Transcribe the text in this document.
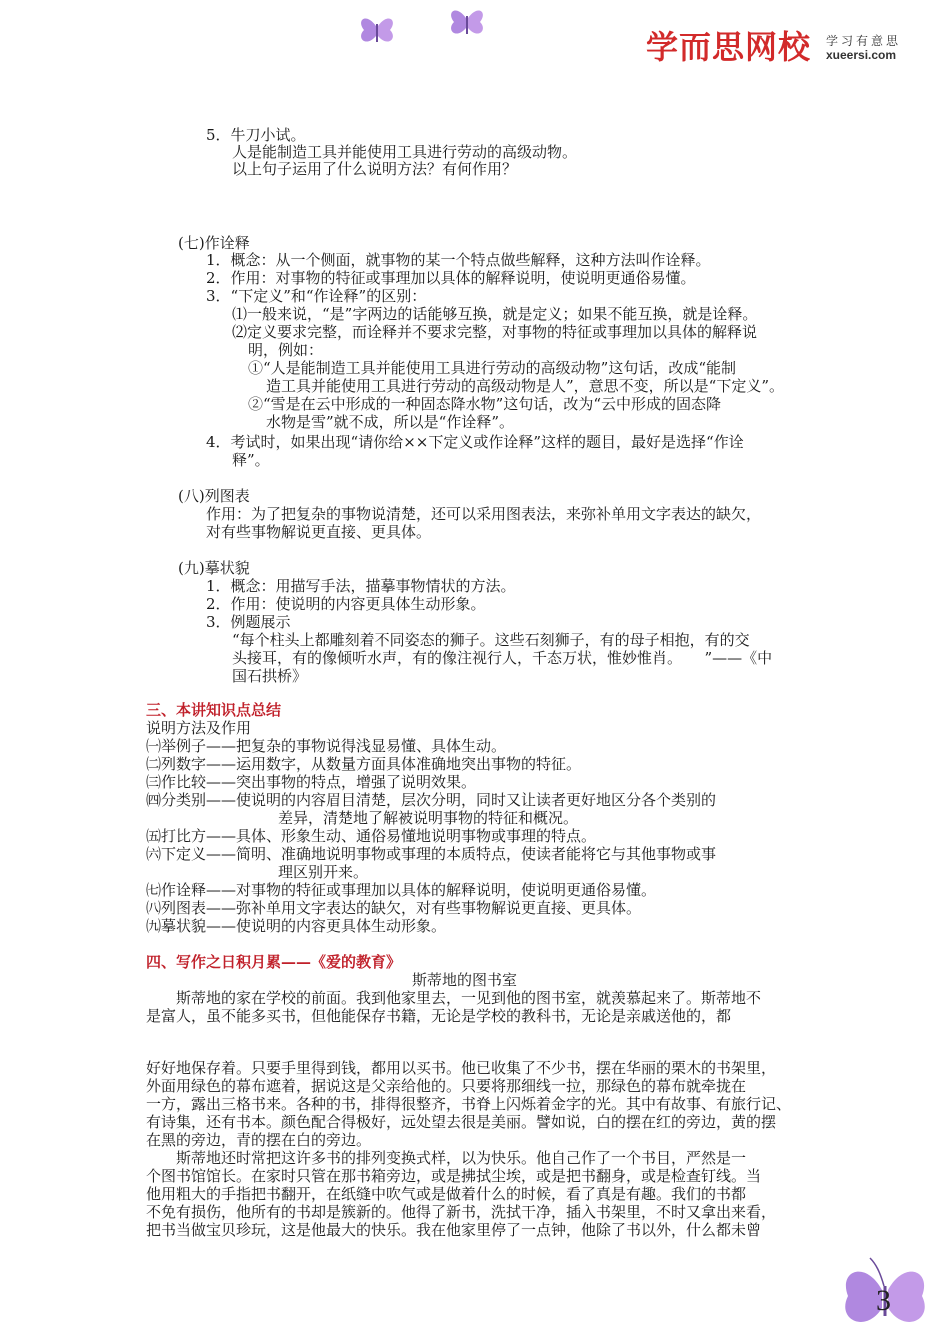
学而思网校 学习有意思
xueersi.com
5．牛刀小试。
人是能制造工具并能使用工具进行劳动的高级动物。
以上句子运用了什么说明方法？有何作用？
(七)作诠释
1．概念：从一个侧面，就事物的某一个特点做些解释，这种方法叫作诠释。
2．作用：对事物的特征或事理加以具体的解释说明，使说明更通俗易懂。
3．“下定义”和“作诠释”的区别：
⑴一般来说，“是”字两边的话能够互换，就是定义；如果不能互换，就是诠释。
⑵定义要求完整，而诠释并不要求完整，对事物的特征或事理加以具体的解释说
明，例如：
①“人是能制造工具并能使用工具进行劳动的高级动物”这句话，改成“能制
造工具并能使用工具进行劳动的高级动物是人”，意思不变，所以是“下定义”。
②“雪是在云中形成的一种固态降水物”这句话，改为“云中形成的固态降
水物是雪”就不成，所以是“作诠释”。
4．考试时，如果出现“请你给××下定义或作诠释”这样的题目，最好是选择“作诠
释”。
(八)列图表
作用：为了把复杂的事物说清楚，还可以采用图表法，来弥补单用文字表达的缺欠，
对有些事物解说更直接、更具体。
(九)摹状貌
1．概念：用描写手法，描摹事物情状的方法。
2．作用：使说明的内容更具体生动形象。
3．例题展示
“每个柱头上都雕刻着不同姿态的狮子。这些石刻狮子，有的母子相抱，有的交
头接耳，有的像倾听水声，有的像注视行人，千态万状，惟妙惟肖。　　”——《中
国石拱桥》
三、本讲知识点总结
说明方法及作用
㈠举例子——把复杂的事物说得浅显易懂、具体生动。
㈡列数字——运用数字，从数量方面具体准确地突出事物的特征。
㈢作比较——突出事物的特点，增强了说明效果。
㈣分类别——使说明的内容眉目清楚，层次分明，同时又让读者更好地区分各个类别的
差异，清楚地了解被说明事物的特征和概况。
㈤打比方——具体、形象生动、通俗易懂地说明事物或事理的特点。
㈥下定义——简明、准确地说明事物或事理的本质特点，使读者能将它与其他事物或事
理区别开来。
㈦作诠释——对事物的特征或事理加以具体的解释说明，使说明更通俗易懂。
㈧列图表——弥补单用文字表达的缺欠，对有些事物解说更直接、更具体。
㈨摹状貌——使说明的内容更具体生动形象。
四、写作之日积月累——《爱的教育》
斯蒂地的图书室
斯蒂地的家在学校的前面。我到他家里去，一见到他的图书室，就羡慕起来了。斯蒂地不
是富人，虽不能多买书，但他能保存书籍，无论是学校的教科书，无论是亲戚送他的，都
好好地保存着。只要手里得到钱，都用以买书。他已收集了不少书，摆在华丽的栗木的书架里，
外面用绿色的幕布遮着，据说这是父亲给他的。只要将那细线一拉，那绿色的幕布就牵拢在
一方，露出三格书来。各种的书，排得很整齐，书脊上闪烁着金字的光。其中有故事、有旅行记、
有诗集，还有书本。颜色配合得极好，远处望去很是美丽。譬如说，白的摆在红的旁边，黄的摆
在黑的旁边，青的摆在白的旁边。
斯蒂地还时常把这许多书的排列变换式样，以为快乐。他自己作了一个书目，严然是一
个图书馆馆长。在家时只管在那书箱旁边，或是拂拭尘埃，或是把书翻身，或是检查钉线。当
他用粗大的手指把书翻开，在纸缝中吹气或是做着什么的时候，看了真是有趣。我们的书都
不免有损伤，他所有的书却是簇新的。他得了新书，洗拭干净，插入书架里，不时又拿出来看，
把书当做宝贝珍玩，这是他最大的快乐。我在他家里停了一点钟，他除了书以外，什么都未曾
3
